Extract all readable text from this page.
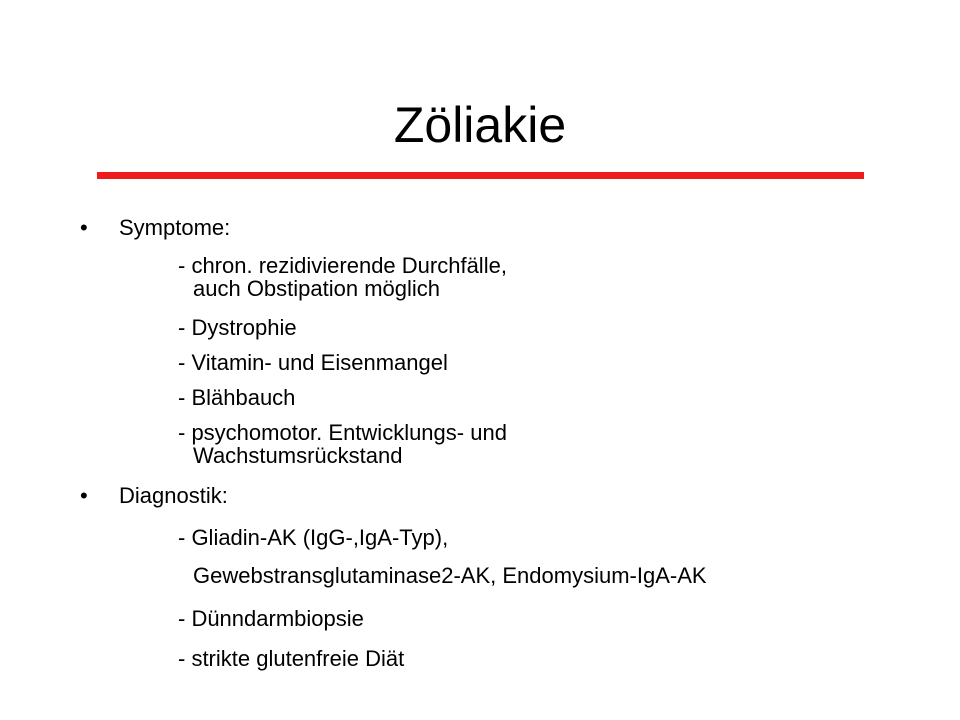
Zöliakie
• Symptome:
- chron. rezidivierende Durchfälle,
auch Obstipation möglich
- Dystrophie
- Vitamin- und Eisenmangel
- Blähbauch
- psychomotor. Entwicklungs- und
Wachstumsrückstand
• Diagnostik:
- Gliadin-AK (IgG-,IgA-Typ),
Gewebstransglutaminase2-AK, Endomysium-IgA-AK
- Dünndarmbiopsie
- strikte glutenfreie Diät
